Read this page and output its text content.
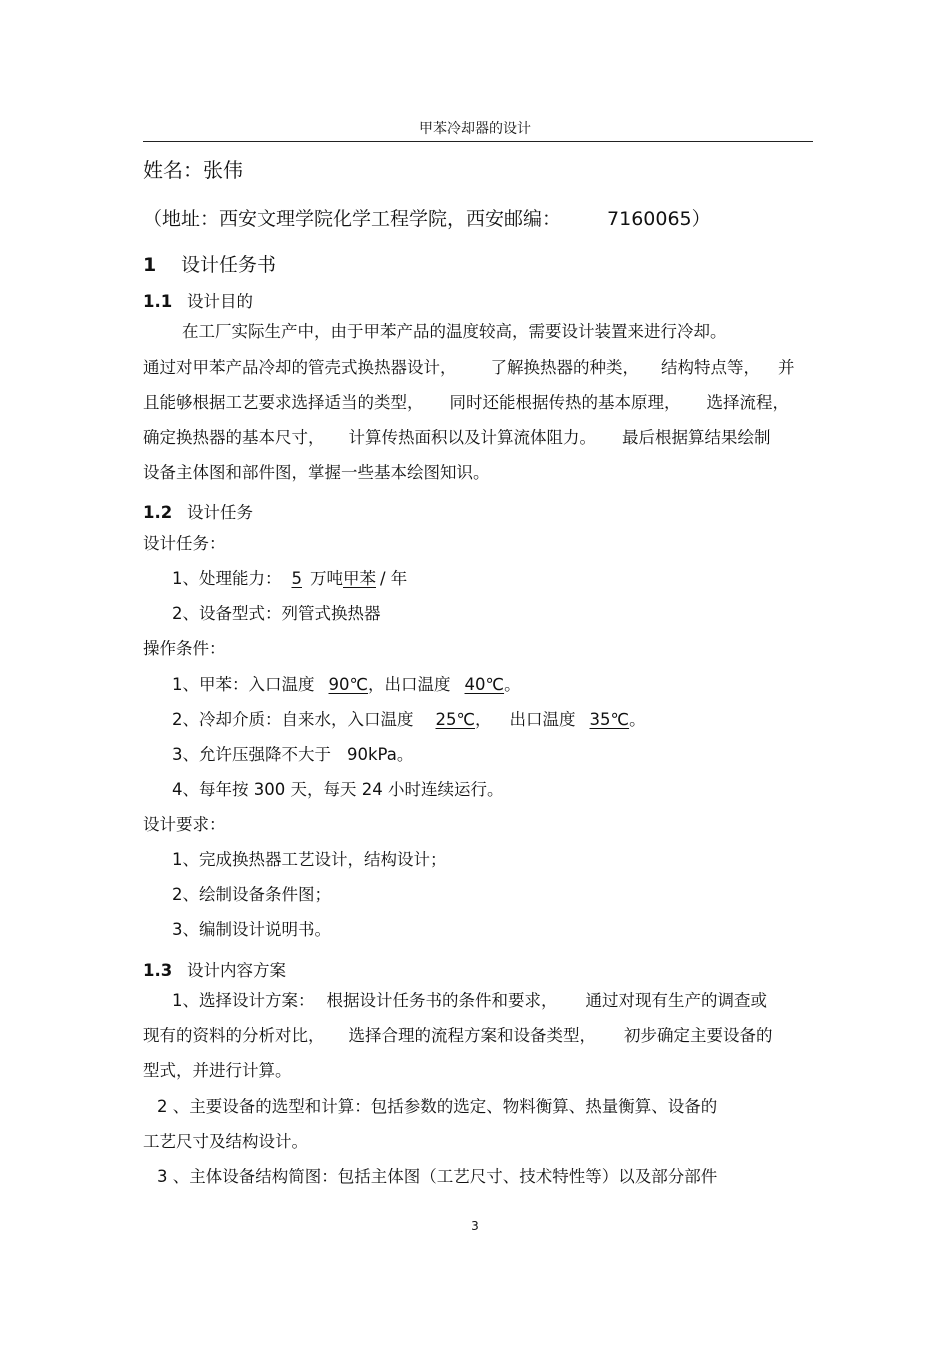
甲苯冷却器的设计
姓名：张伟
（地址：西安文理学院化学工程学院，西安邮编： 7160065）
1 设计任务书
1.1 设计目的
在工厂实际生产中，由于甲苯产品的温度较高，需要设计装置来进行冷却。
通过对甲苯产品冷却的管壳式换热器设计， 了解换热器的种类， 结构特点等， 并
且能够根据工艺要求选择适当的类型， 同时还能根据传热的基本原理， 选择流程，
确定换热器的基本尺寸， 计算传热面积以及计算流体阻力。 最后根据算结果绘制
设备主体图和部件图，掌握一些基本绘图知识。
1.2 设计任务
设计任务：
1、处理能力： 5 万吨甲苯 / 年
2、设备型式：列管式换热器
操作条件：
1、甲苯：入口温度 90℃，出口温度 40℃。
2、冷却介质：自来水，入口温度 25℃， 出口温度 35℃。
3、允许压强降不大于 90kPa。
4、每年按 300 天，每天 24 小时连续运行。
设计要求：
1、完成换热器工艺设计，结构设计；
2、绘制设备条件图；
3、编制设计说明书。
1.3 设计内容方案
1、选择设计方案： 根据设计任务书的条件和要求， 通过对现有生产的调查或
现有的资料的分析对比， 选择合理的流程方案和设备类型， 初步确定主要设备的
型式，并进行计算。
2 、主要设备的选型和计算：包括参数的选定、物料衡算、热量衡算、设备的
工艺尺寸及结构设计。
3 、主体设备结构简图：包括主体图（工艺尺寸、技术特性等）以及部分部件
3
